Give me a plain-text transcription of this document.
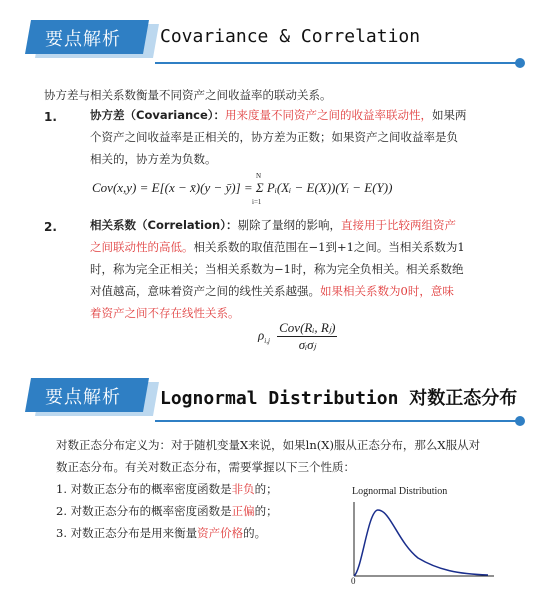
要点解析 Covariance & Correlation
协方差与相关系数衡量不同资产之间收益率的联动关系。
1.	协方差（Covariance）：用来度量不同资产之间的收益率联动性，如果两
个资产之间收益率是正相关的，协方差为正数；如果资产之间收益率是负
相关的，协方差为负数。
Cov(x,y) = E[(x − x̄)(y − ȳ)] = Σ Pᵢ(Xᵢ − E(X))(Yᵢ − E(Y))
N
i=1
2.	相关系数（Correlation）：剔除了量纲的影响，直接用于比较两组资产
之间联动性的高低。相关系数的取值范围在−1到+1之间。当相关系数为1
时，称为完全正相关；当相关系数为−1时，称为完全负相关。相关系数绝
对值越高，意味着资产之间的线性关系越强。如果相关系数为0时，意味
着资产之间不存在线性关系。
$\rho_{i,j}$
Cov(Rᵢ, Rⱼ)
σᵢσⱼ
要点解析 Lognormal Distribution 对数正态分布
对数正态分布定义为：对于随机变量X来说，如果ln(X)服从正态分布，那么X服从对
数正态分布。有关对数正态分布，需要掌握以下三个性质：
1. 对数正态分布的概率密度函数是非负的；
2. 对数正态分布的概率密度函数是正偏的；
3. 对数正态分布是用来衡量资产价格的。
Lognormal Distribution
0
